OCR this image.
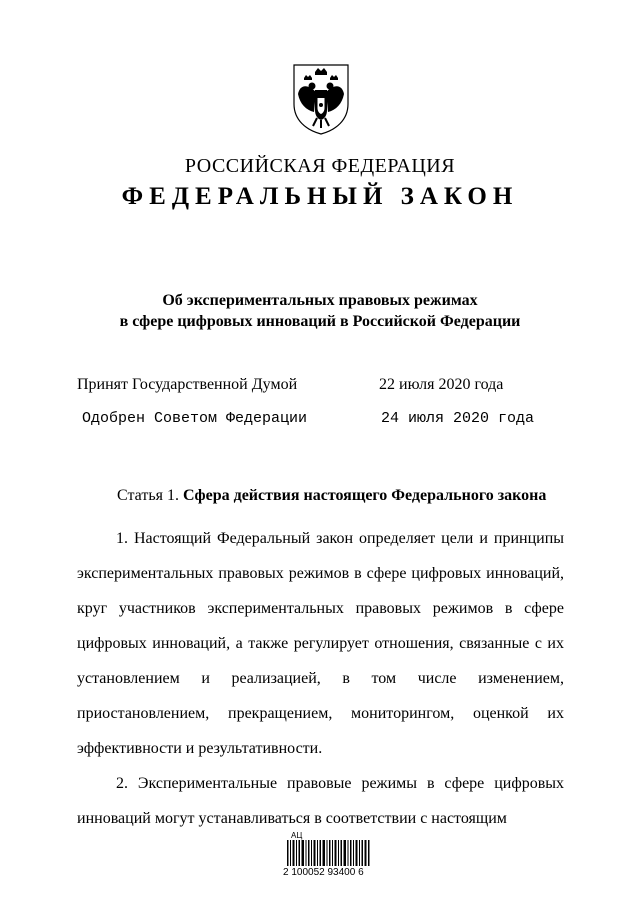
РОССИЙСКАЯ ФЕДЕРАЦИЯ
ФЕДЕРАЛЬНЫЙ ЗАКОН
Об экспериментальных правовых режимах
в сфере цифровых инноваций в Российской Федерации
Принят Государственной Думой	22 июля 2020 года
Одобрен Советом Федерации	24 июля 2020 года
Статья 1. Сфера действия настоящего Федерального закона

1. Настоящий Федеральный закон определяет цели и принципы экспериментальных правовых режимов в сфере цифровых инноваций, круг участников экспериментальных правовых режимов в сфере цифровых инноваций, а также регулирует отношения, связанные с их установлением и реализацией, в том числе изменением, приостановлением, прекращением, мониторингом, оценкой их эффективности и результативности.

2. Экспериментальные правовые режимы в сфере цифровых инноваций могут устанавливаться в соответствии с настоящим

АЦ
2 100052 93400 6
